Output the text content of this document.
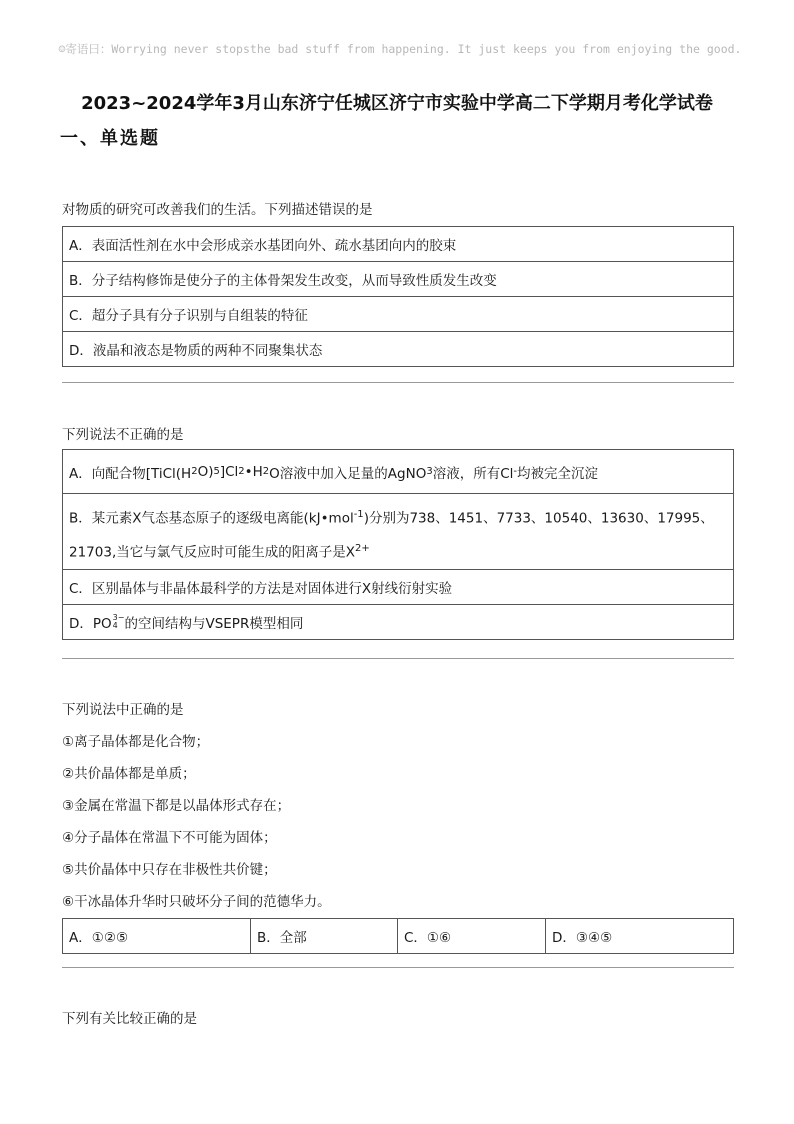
☺寄语曰：Worrying never stopsthe bad stuff from happening. It just keeps you from enjoying the good.
2023~2024学年3月山东济宁任城区济宁市实验中学高二下学期月考化学试卷
一、单选题
对物质的研究可改善我们的生活。下列描述错误的是
A．表面活性剂在水中会形成亲水基团向外、疏水基团向内的胶束
B．分子结构修饰是使分子的主体骨架发生改变，从而导致性质发生改变
C．超分子具有分子识别与自组装的特征
D．液晶和液态是物质的两种不同聚集状态
下列说法不正确的是
A．向配合物[TiCl(H 2 O) 5 ]Cl 2 •H 2 O溶液中加入足量的AgNO 3 溶液，所有Cl - 均被完全沉淀
B．某元素X气态基态原子的逐级电离能(kJ•mol$^{-1}$)分别为738、1451、7733、10540、13630、17995、
21703,当它与氯气反应时可能生成的阳离子是$X^{2+}$
C．区别晶体与非晶体最科学的方法是对固体进行X射线衍射实验
D．PO 3−
4 的空间结构与VSEPR模型相同
下列说法中正确的是
①离子晶体都是化合物；
②共价晶体都是单质；
③金属在常温下都是以晶体形式存在；
④分子晶体在常温下不可能为固体；
⑤共价晶体中只存在非极性共价键；
⑥干冰晶体升华时只破坏分子间的范德华力。
A．①②⑤	B．全部	C．①⑥	D．③④⑤
下列有关比较正确的是
